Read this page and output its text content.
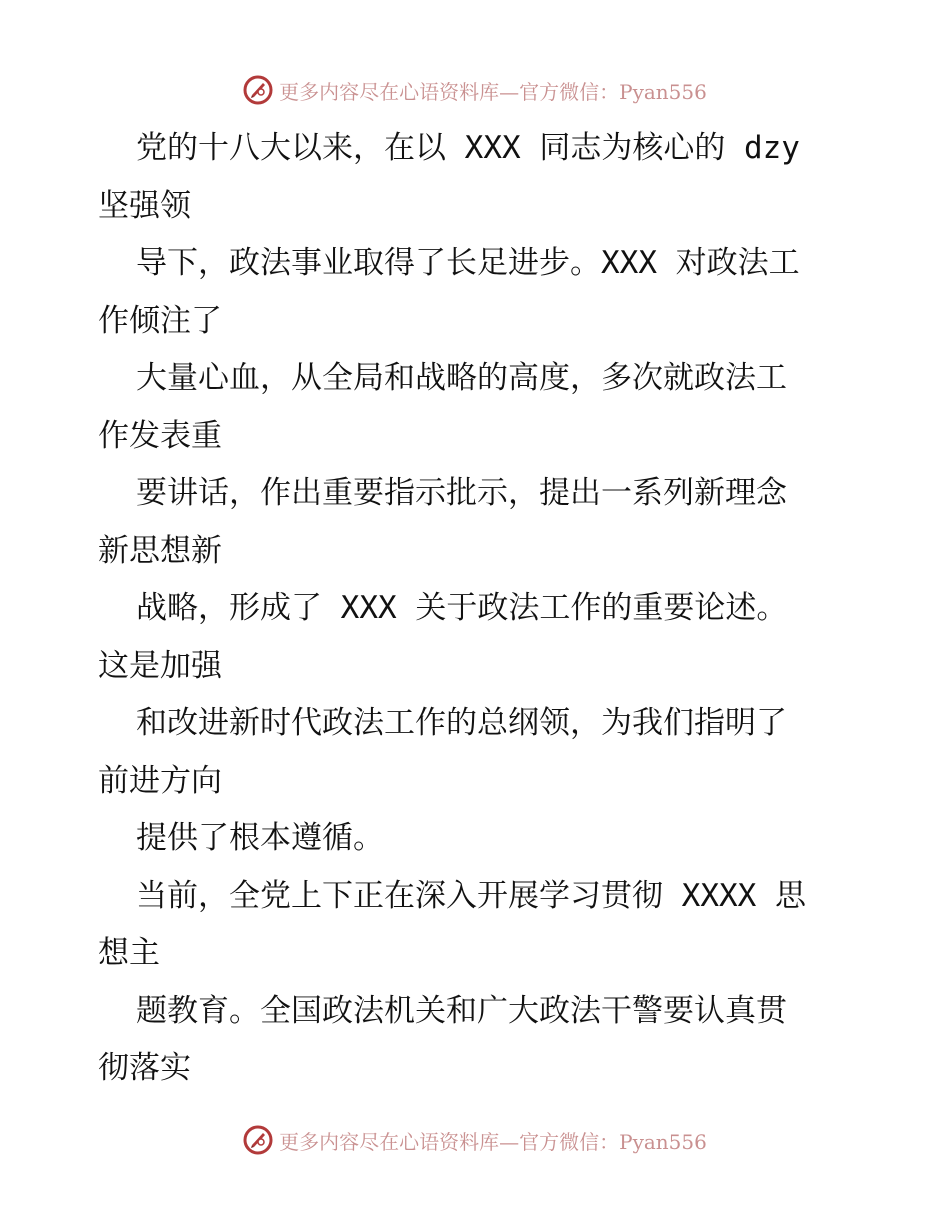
更多内容尽在心语资料库—官方微信：Pyan556
党的十八大以来，在以 XXX 同志为核心的 dzy
坚强领
导下，政法事业取得了长足进步。XXX 对政法工
作倾注了
大量心血，从全局和战略的高度，多次就政法工
作发表重
要讲话，作出重要指示批示，提出一系列新理念
新思想新
战略，形成了 XXX 关于政法工作的重要论述。
这是加强
和改进新时代政法工作的总纲领，为我们指明了
前进方向
提供了根本遵循。
当前，全党上下正在深入开展学习贯彻 XXXX 思
想主
题教育。全国政法机关和广大政法干警要认真贯
彻落实
更多内容尽在心语资料库—官方微信：Pyan556
